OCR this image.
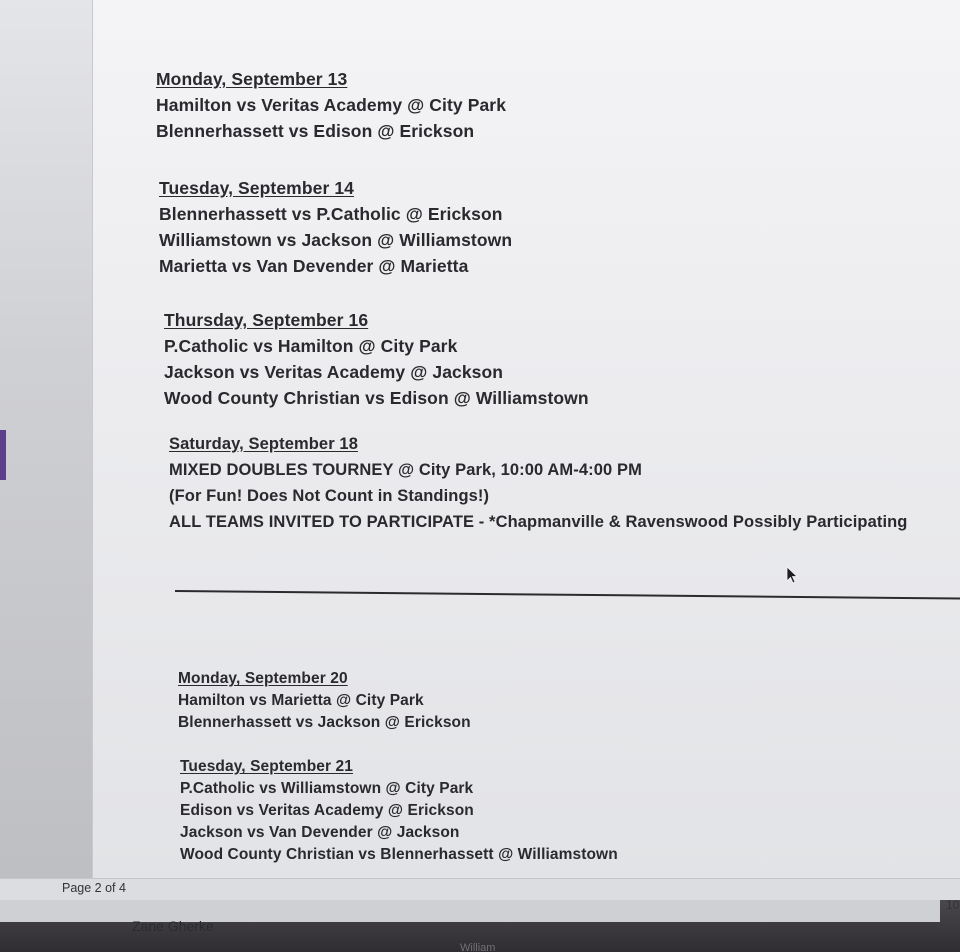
Monday, September 13
Hamilton vs Veritas Academy @ City Park
Blennerhassett vs Edison @ Erickson
Tuesday, September 14
Blennerhassett vs P.Catholic @ Erickson
Williamstown vs Jackson @ Williamstown
Marietta vs Van Devender @ Marietta
Thursday, September 16
P.Catholic vs Hamilton @ City Park
Jackson vs Veritas Academy @ Jackson
Wood County Christian vs Edison @ Williamstown
Saturday, September 18
MIXED DOUBLES TOURNEY @ City Park, 10:00 AM-4:00 PM
(For Fun! Does Not Count in Standings!)
ALL TEAMS INVITED TO PARTICIPATE - *Chapmanville & Ravenswood Possibly Participating
Monday, September 20
Hamilton vs Marietta @ City Park
Blennerhassett vs Jackson @ Erickson
Tuesday, September 21
P.Catholic vs Williamstown @ City Park
Edison vs Veritas Academy @ Erickson
Jackson vs Van Devender @ Jackson
Wood County Christian vs Blennerhassett @ Williamstown
Page 2 of 4
10
Zane Gherke
William
